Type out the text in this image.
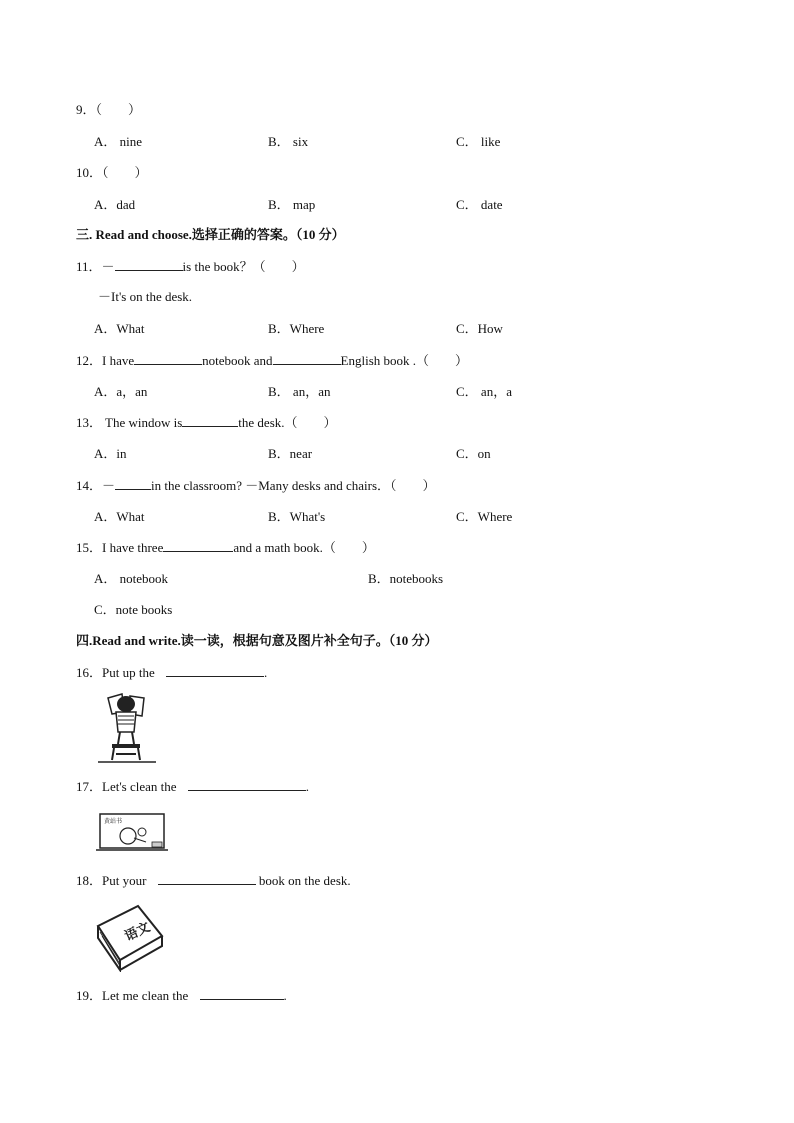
9．（　　）
A． nine	B． six	C． like
10．（　　）
A．dad	B． map	C． date
三. Read and choose.选择正确的答案。（10 分）
11．－	is the book？（　　）
－It's on the desk.
A．What	B．Where	C．How
12．I have	notebook and	English book .（　　）
A．a，an	B． an，an	C． an，a
13． The window is	the desk.（　　）
A．in	B．near	C．on
14．－	in the classroom? －Many desks and chairs．（　　）
A．What	B．What's	C．Where
15．I have three	and a math book.（　　）
A． notebook	B．notebooks
C．note books
四.Read and write.读一读，根据句意及图片补全句子。（10 分）
16．Put up the	.
17．Let's clean the	.
黄站书
18．Put your	book on the desk.
语文
19．Let me clean the	.
